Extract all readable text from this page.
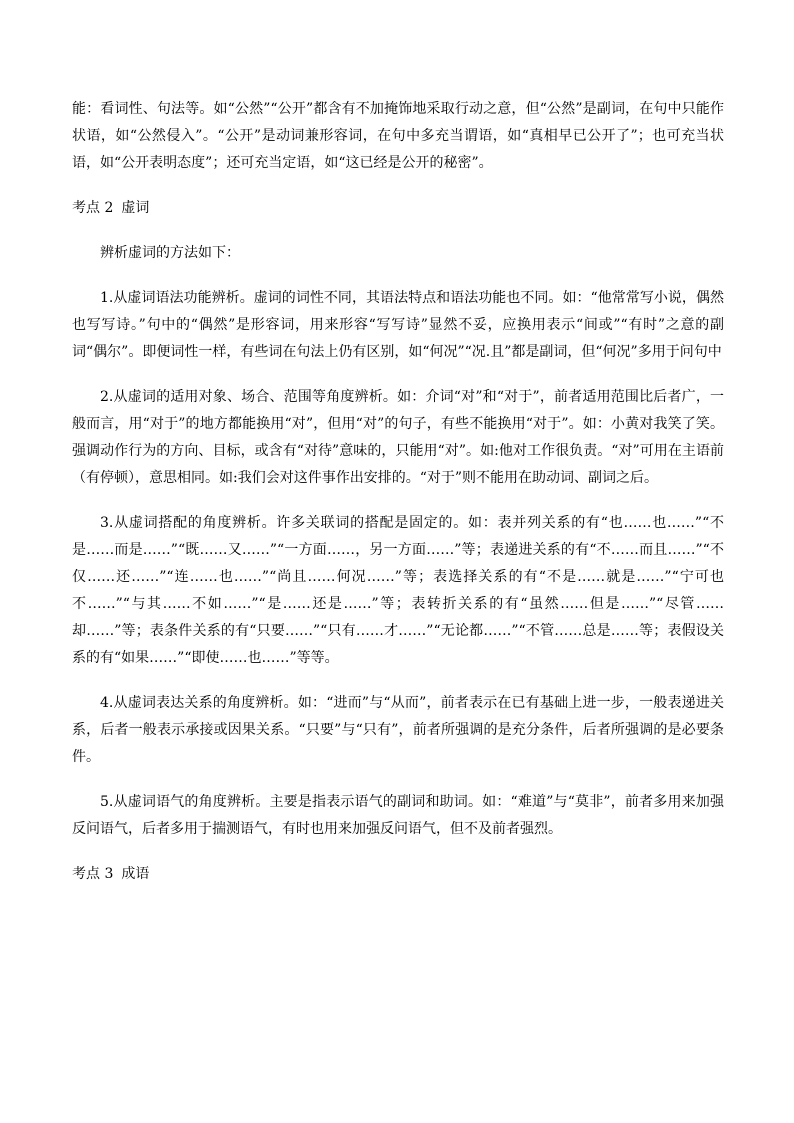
能：看词性、句法等。如“公然”“公开”都含有不加掩饰地采取行动之意，但“公然”是副词，在句中只能作状语，如“公然侵入”。“公开”是动词兼形容词，在句中多充当谓语，如“真相早已公开了”；也可充当状语，如“公开表明态度”；还可充当定语，如“这已经是公开的秘密”。

考点 2 虚词

辨析虚词的方法如下：

1.从虚词语法功能辨析。虚词的词性不同，其语法特点和语法功能也不同。如：“他常常写小说，偶然也写写诗。”句中的“偶然”是形容词，用来形容“写写诗”显然不妥，应换用表示“间或”“有时”之意的副词“偶尔”。即便词性一样，有些词在句法上仍有区别，如“何况”“况.且”都是副词，但“何况”多用于问句中

2.从虚词的适用对象、场合、范围等角度辨析。如：介词“对”和“对于”，前者适用范围比后者广，一般而言，用“对于”的地方都能换用“对”，但用“对”的句子，有些不能换用“对于”。如：小黄对我笑了笑。强调动作行为的方向、目标，或含有“对待”意味的，只能用“对”。如:他对工作很负责。“对”可用在主语前（有停顿），意思相同。如:我们会对这件事作出安排的。“对于”则不能用在助动词、副词之后。

3.从虚词搭配的角度辨析。许多关联词的搭配是固定的。如：表并列关系的有“也……也……”“不是……而是……”“既……又……”“一方面……，另一方面……”等；表递进关系的有“不……而且……”“不仅……还……”“连……也……”“尚且……何况……”等；表选择关系的有“不是……就是……”“宁可也不……”“与其……不如……”“是……还是……”等；表转折关系的有“虽然……但是……”“尽管……却……”等；表条件关系的有“只要……”“只有……才……”“无论都……”“不管……总是……等；表假设关系的有“如果……”“即使……也……”等等。

4.从虚词表达关系的角度辨析。如：“进而”与“从而”，前者表示在已有基础上进一步，一般表递进关系，后者一般表示承接或因果关系。“只要”与“只有”，前者所强调的是充分条件，后者所强调的是必要条件。

5.从虚词语气的角度辨析。主要是指表示语气的副词和助词。如：“难道”与“莫非”，前者多用来加强反问语气，后者多用于揣测语气，有时也用来加强反问语气，但不及前者强烈。

考点 3 成语
